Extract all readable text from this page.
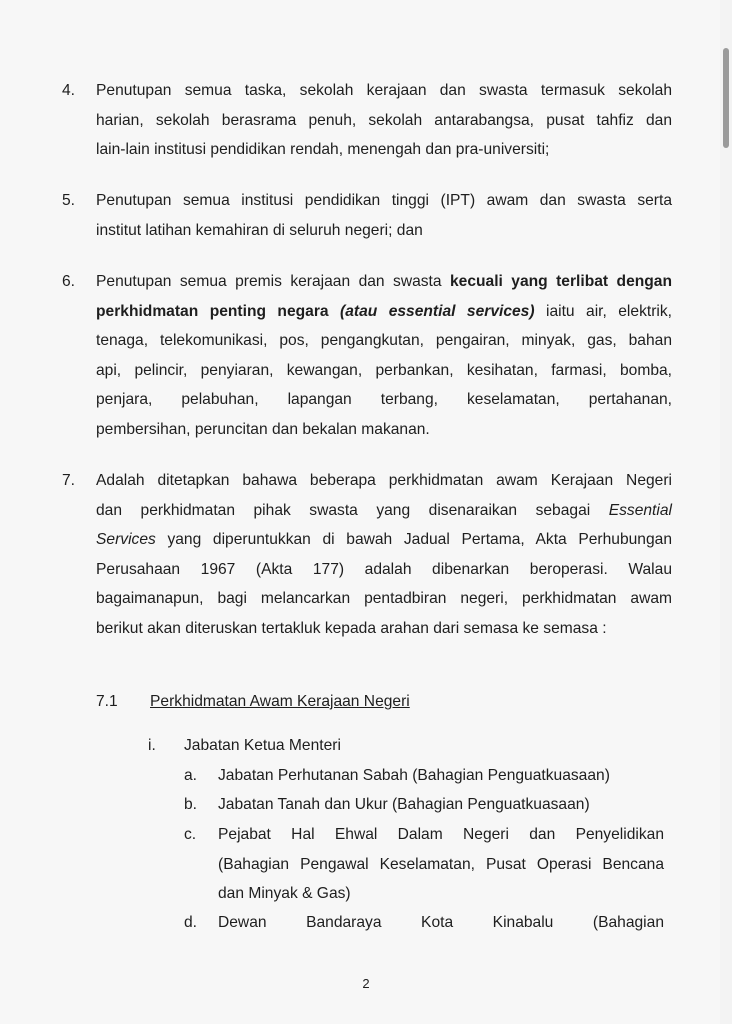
4. Penutupan semua taska, sekolah kerajaan dan swasta termasuk sekolah
harian, sekolah berasrama penuh, sekolah antarabangsa, pusat tahfiz dan
lain-lain institusi pendidikan rendah, menengah dan pra-universiti;
5. Penutupan semua institusi pendidikan tinggi (IPT) awam dan swasta serta
institut latihan kemahiran di seluruh negeri; dan
6. Penutupan semua premis kerajaan dan swasta kecuali yang terlibat dengan
perkhidmatan penting negara (atau essential services) iaitu air, elektrik,
tenaga, telekomunikasi, pos, pengangkutan, pengairan, minyak, gas, bahan
api, pelincir, penyiaran, kewangan, perbankan, kesihatan, farmasi, bomba,
penjara, pelabuhan, lapangan terbang, keselamatan, pertahanan,
pembersihan, peruncitan dan bekalan makanan.
7. Adalah ditetapkan bahawa beberapa perkhidmatan awam Kerajaan Negeri
dan perkhidmatan pihak swasta yang disenaraikan sebagai Essential
Services yang diperuntukkan di bawah Jadual Pertama, Akta Perhubungan
Perusahaan 1967 (Akta 177) adalah dibenarkan beroperasi. Walau
bagaimanapun, bagi melancarkan pentadbiran negeri, perkhidmatan awam
berikut akan diteruskan tertakluk kepada arahan dari semasa ke semasa :
7.1 Perkhidmatan Awam Kerajaan Negeri
i. Jabatan Ketua Menteri
a. Jabatan Perhutanan Sabah (Bahagian Penguatkuasaan)
b. Jabatan Tanah dan Ukur (Bahagian Penguatkuasaan)
c. Pejabat Hal Ehwal Dalam Negeri dan Penyelidikan
(Bahagian Pengawal Keselamatan, Pusat Operasi Bencana
dan Minyak & Gas)
d. Dewan Bandaraya Kota Kinabalu (Bahagian
2
